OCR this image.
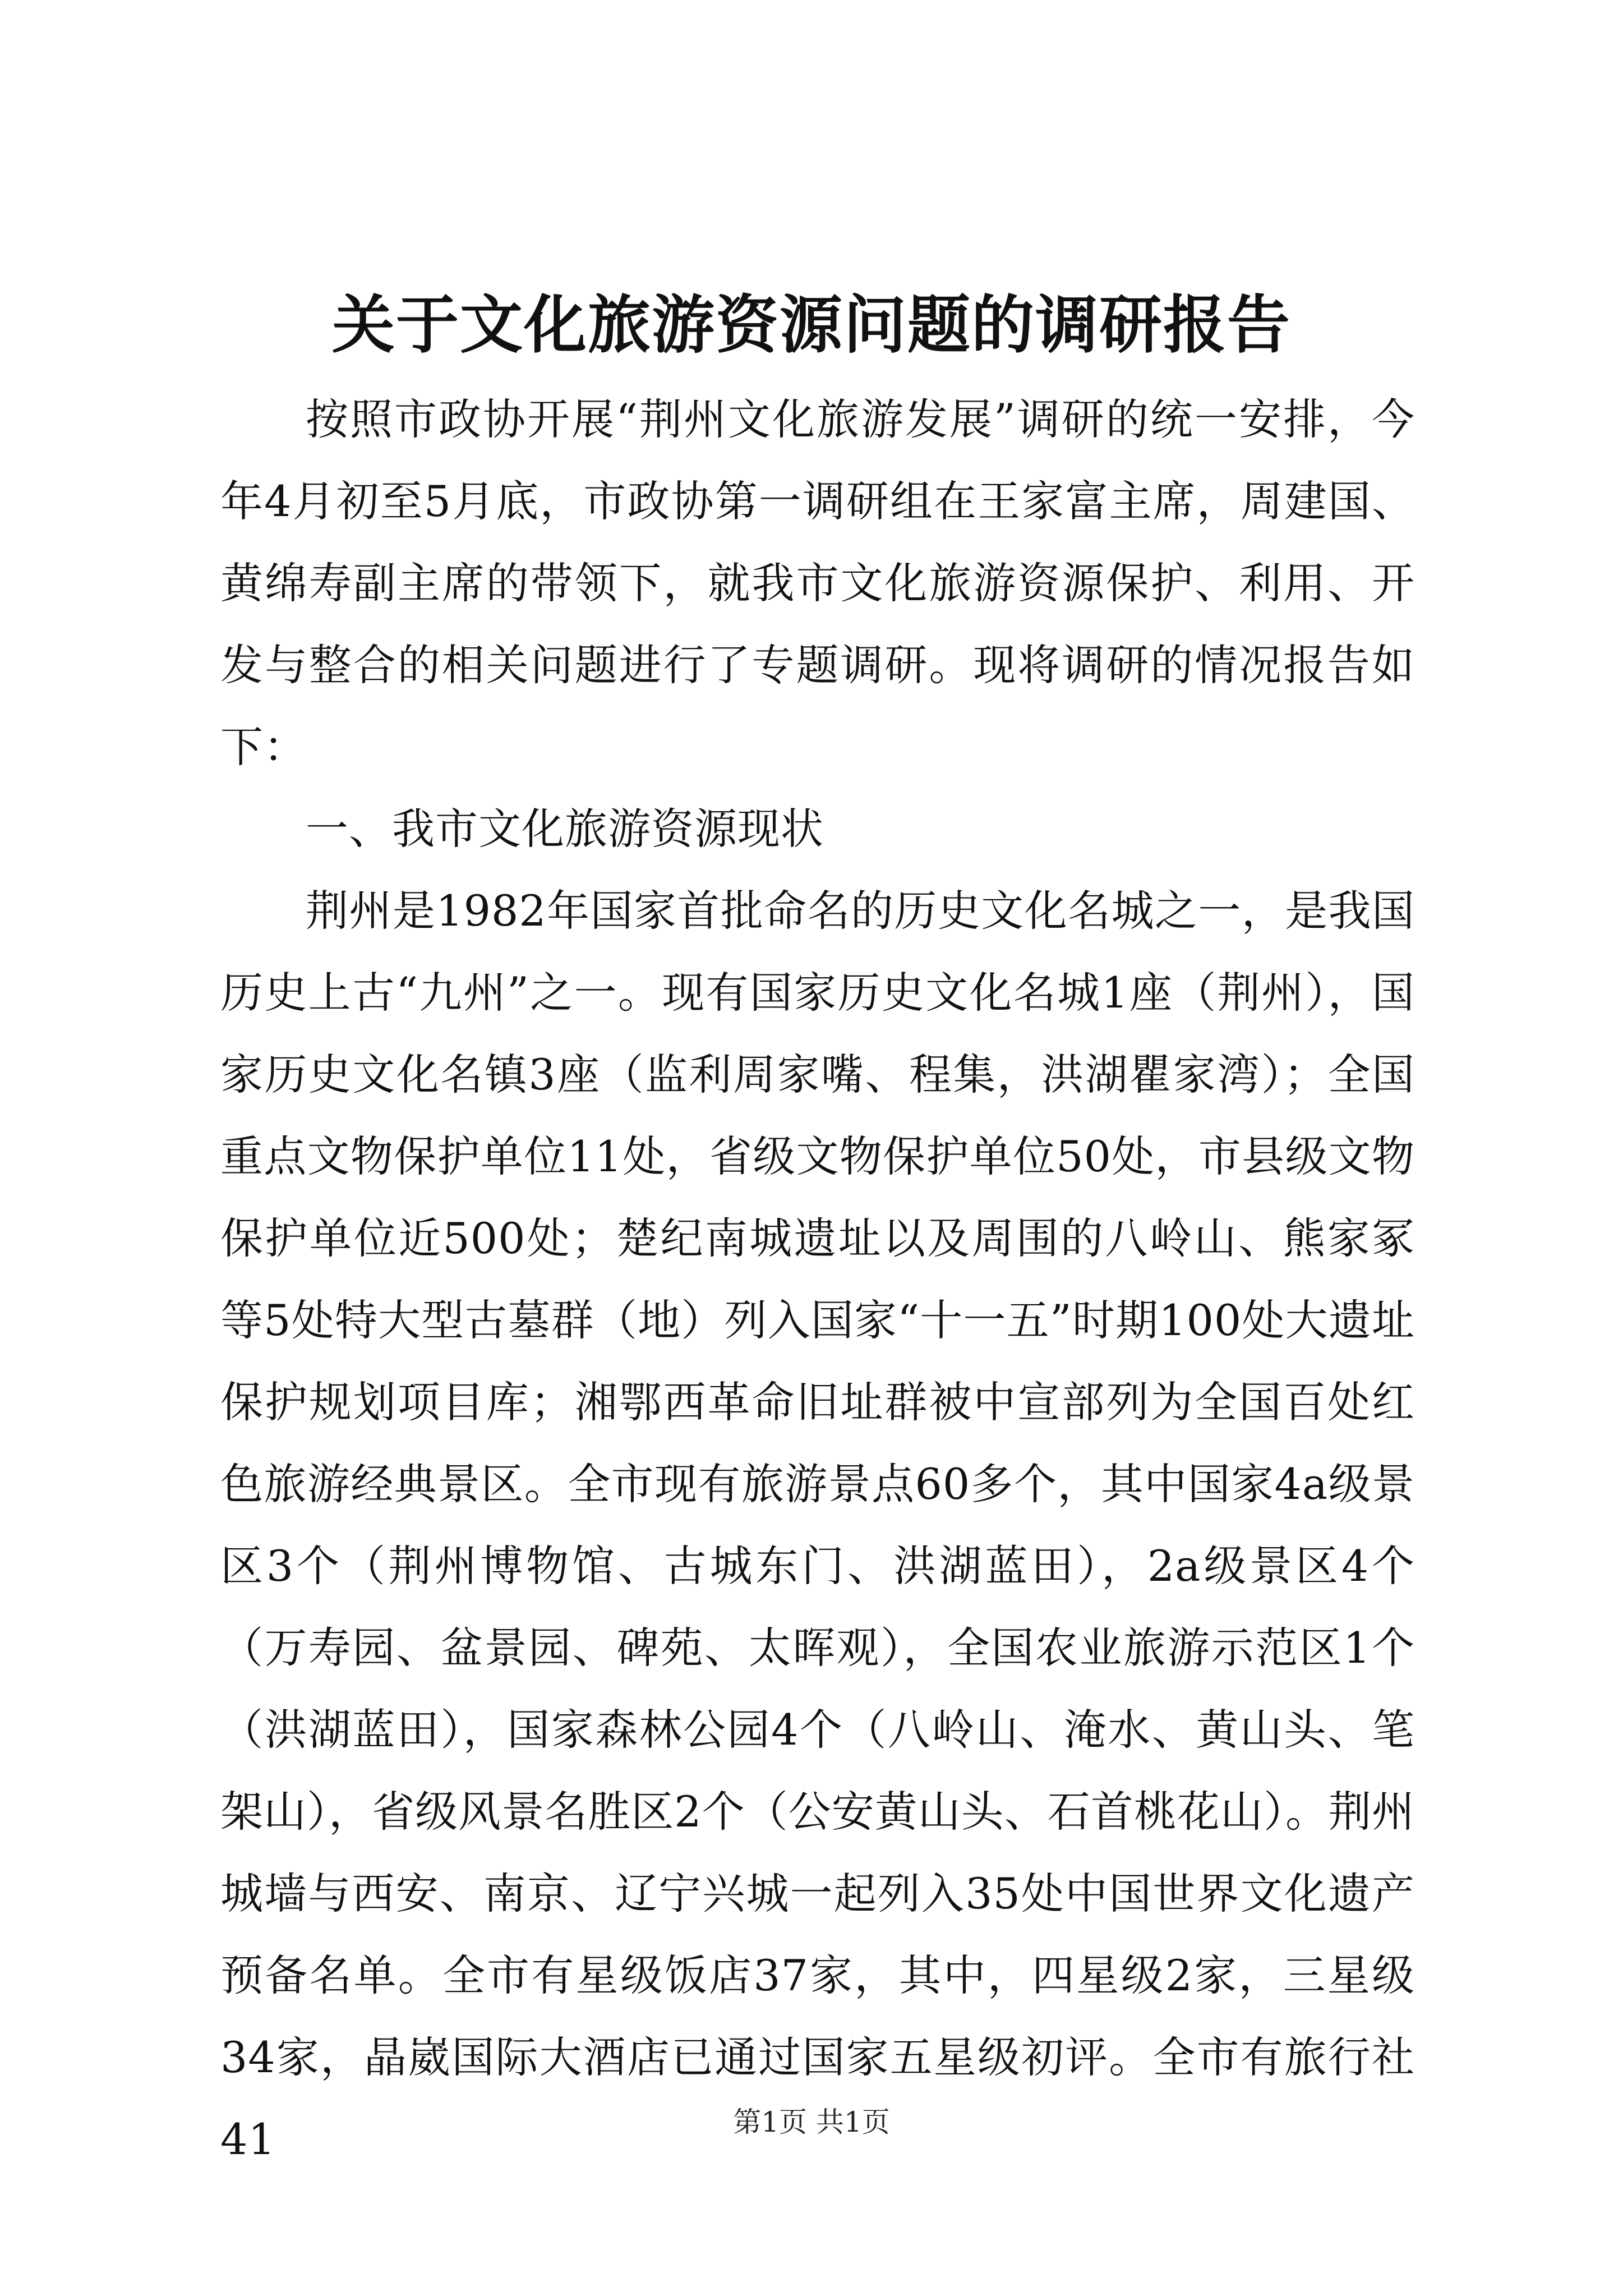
关于文化旅游资源问题的调研报告

按照市政协开展“荆州文化旅游发展”调研的统一安排，今年4月初至5月底，市政协第一调研组在王家富主席，周建国、黄绵寿副主席的带领下，就我市文化旅游资源保护、利用、开发与整合的相关问题进行了专题调研。现将调研的情况报告如下：

一、我市文化旅游资源现状

荆州是1982年国家首批命名的历史文化名城之一，是我国历史上古“九州”之一。现有国家历史文化名城1座（荆州），国家历史文化名镇3座（监利周家嘴、程集，洪湖瞿家湾）；全国重点文物保护单位11处，省级文物保护单位50处，市县级文物保护单位近500处；楚纪南城遗址以及周围的八岭山、熊家冢等5处特大型古墓群（地）列入国家“十一五”时期100处大遗址保护规划项目库；湘鄂西革命旧址群被中宣部列为全国百处红色旅游经典景区。全市现有旅游景点60多个，其中国家4a级景区3个（荆州博物馆、古城东门、洪湖蓝田），2a级景区4个（万寿园、盆景园、碑苑、太晖观），全国农业旅游示范区1个（洪湖蓝田），国家森林公园4个（八岭山、淹水、黄山头、笔架山），省级风景名胜区2个（公安黄山头、石首桃花山）。荆州城墙与西安、南京、辽宁兴城一起列入35处中国世界文化遗产预备名单。全市有星级饭店37家，其中，四星级2家，三星级34家，晶崴国际大酒店已通过国家五星级初评。全市有旅行社41	第1页 共1页
